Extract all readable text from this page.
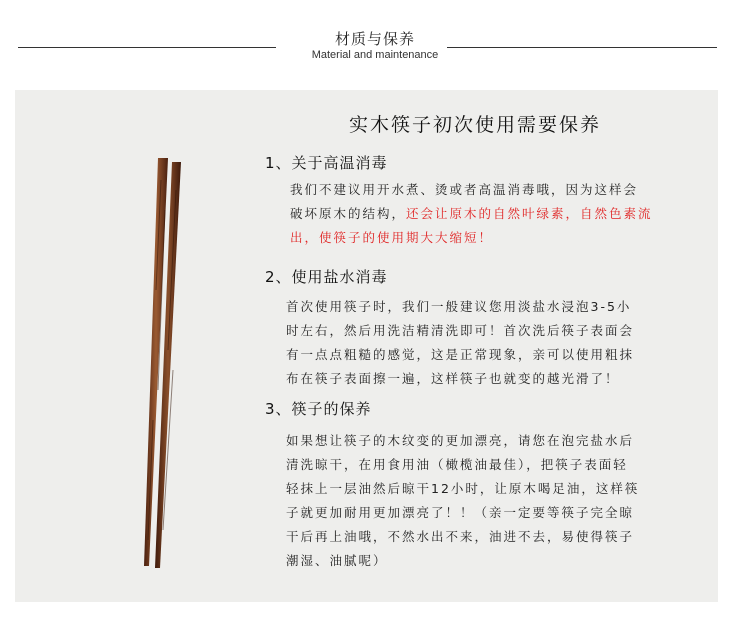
材质与保养
Material and maintenance
实木筷子初次使用需要保养
1、关于高温消毒
我们不建议用开水煮、烫或者高温消毒哦，因为这样会
破坏原木的结构，还会让原木的自然叶绿素，自然色素流
出，使筷子的使用期大大缩短！
2、使用盐水消毒
首次使用筷子时，我们一般建议您用淡盐水浸泡3-5小
时左右，然后用洗洁精清洗即可！首次洗后筷子表面会
有一点点粗糙的感觉，这是正常现象，亲可以使用粗抹
布在筷子表面擦一遍，这样筷子也就变的越光滑了！
3、筷子的保养
如果想让筷子的木纹变的更加漂亮，请您在泡完盐水后
清洗晾干，在用食用油（橄榄油最佳），把筷子表面轻
轻抹上一层油然后晾干12小时，让原木喝足油，这样筷
子就更加耐用更加漂亮了！！（亲一定要等筷子完全晾
干后再上油哦，不然水出不来，油进不去，易使得筷子
潮湿、油腻呢）
